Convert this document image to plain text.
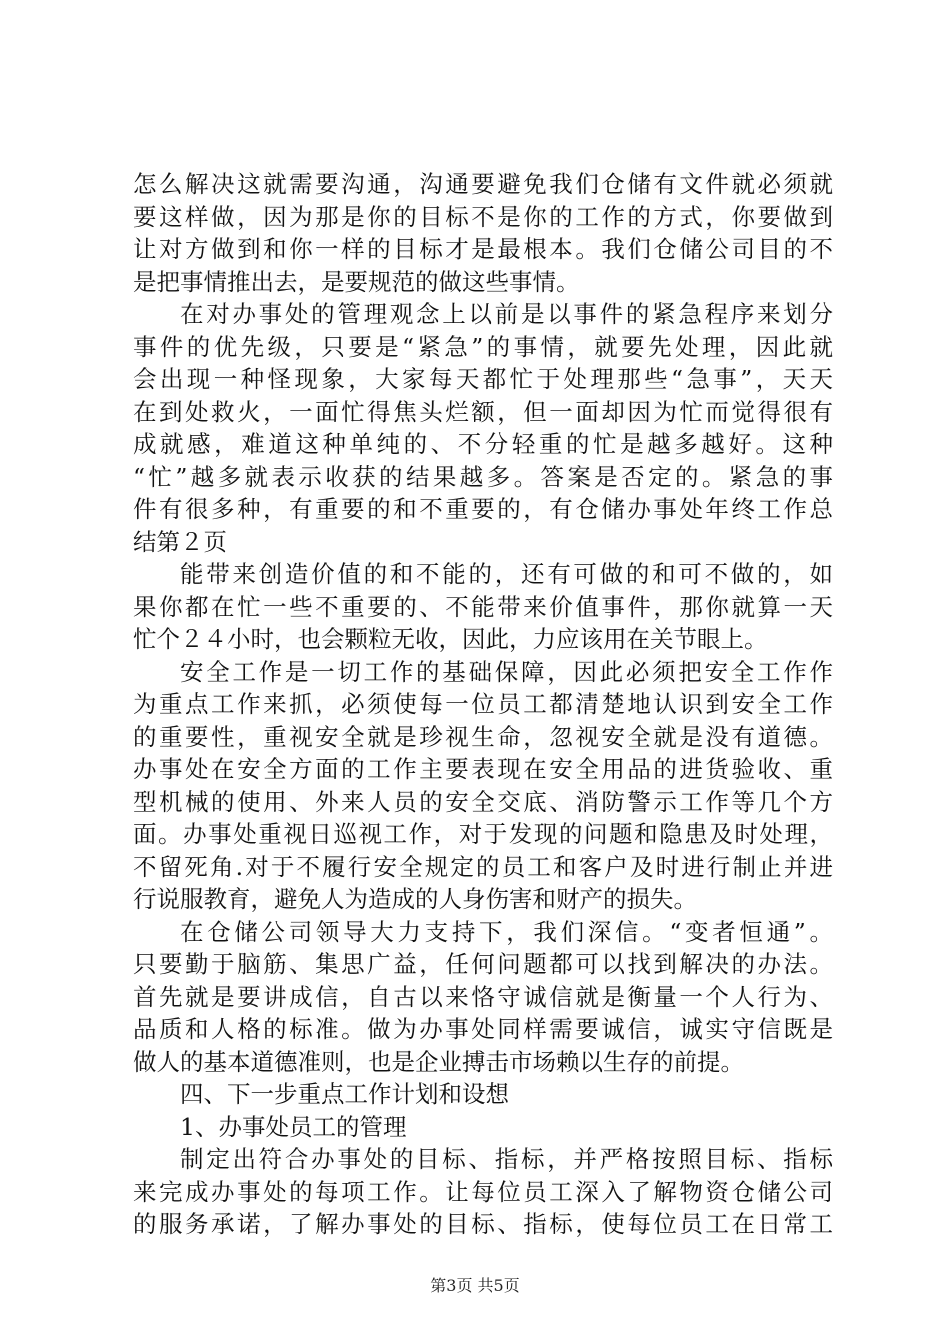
怎么解决这就需要沟通，沟通要避免我们仓储有文件就必须就
要这样做，因为那是你的目标不是你的工作的方式，你要做到
让对方做到和你一样的目标才是最根本。我们仓储公司目的不
是把事情推出去，是要规范的做这些事情。
在对办事处的管理观念上以前是以事件的紧急程序来划分
事件的优先级，只要是“紧急”的事情，就要先处理，因此就
会出现一种怪现象，大家每天都忙于处理那些“急事”，天天
在到处救火，一面忙得焦头烂额，但一面却因为忙而觉得很有
成就感，难道这种单纯的、不分轻重的忙是越多越好。这种
“忙”越多就表示收获的结果越多。答案是否定的。紧急的事
件有很多种，有重要的和不重要的，有仓储办事处年终工作总
结第２页
能带来创造价值的和不能的，还有可做的和可不做的，如
果你都在忙一些不重要的、不能带来价值事件，那你就算一天
忙个２４小时，也会颗粒无收，因此，力应该用在关节眼上。
安全工作是一切工作的基础保障，因此必须把安全工作作
为重点工作来抓，必须使每一位员工都清楚地认识到安全工作
的重要性，重视安全就是珍视生命，忽视安全就是没有道德。
办事处在安全方面的工作主要表现在安全用品的进货验收、重
型机械的使用、外来人员的安全交底、消防警示工作等几个方
面。办事处重视日巡视工作，对于发现的问题和隐患及时处理，
不留死角.对于不履行安全规定的员工和客户及时进行制止并进
行说服教育，避免人为造成的人身伤害和财产的损失。
在仓储公司领导大力支持下，我们深信。“变者恒通”。
只要勤于脑筋、集思广益，任何问题都可以找到解决的办法。
首先就是要讲成信，自古以来恪守诚信就是衡量一个人行为、
品质和人格的标准。做为办事处同样需要诚信，诚实守信既是
做人的基本道德准则，也是企业搏击市场赖以生存的前提。
四、下一步重点工作计划和设想
1、办事处员工的管理
制定出符合办事处的目标、指标，并严格按照目标、指标
来完成办事处的每项工作。让每位员工深入了解物资仓储公司
的服务承诺，了解办事处的目标、指标，使每位员工在日常工
第3页 共5页
